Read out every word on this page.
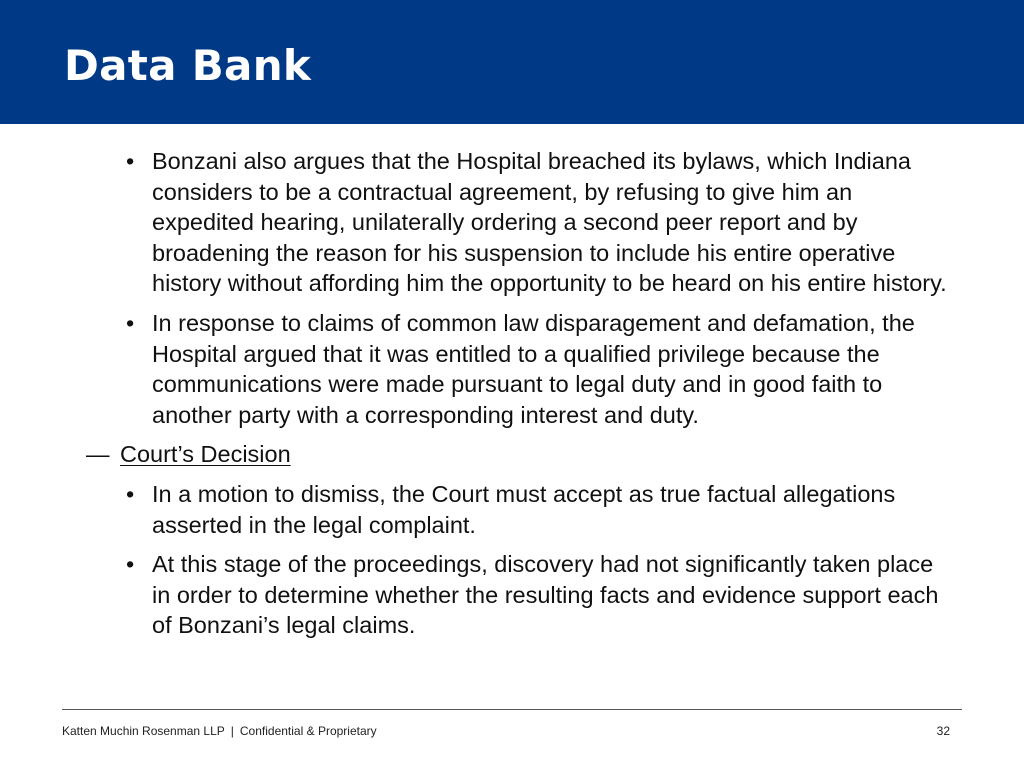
Data Bank
• Bonzani also argues that the Hospital breached its bylaws, which Indiana considers to be a contractual agreement, by refusing to give him an expedited hearing, unilaterally ordering a second peer report and by broadening the reason for his suspension to include his entire operative history without affording him the opportunity to be heard on his entire history.
• In response to claims of common law disparagement and defamation, the Hospital argued that it was entitled to a qualified privilege because the communications were made pursuant to legal duty and in good faith to another party with a corresponding interest and duty.
— Court’s Decision
• In a motion to dismiss, the Court must accept as true factual allegations asserted in the legal complaint.
• At this stage of the proceedings, discovery had not significantly taken place in order to determine whether the resulting facts and evidence support each of Bonzani’s legal claims.
Katten Muchin Rosenman LLP | Confidential & Proprietary	32
